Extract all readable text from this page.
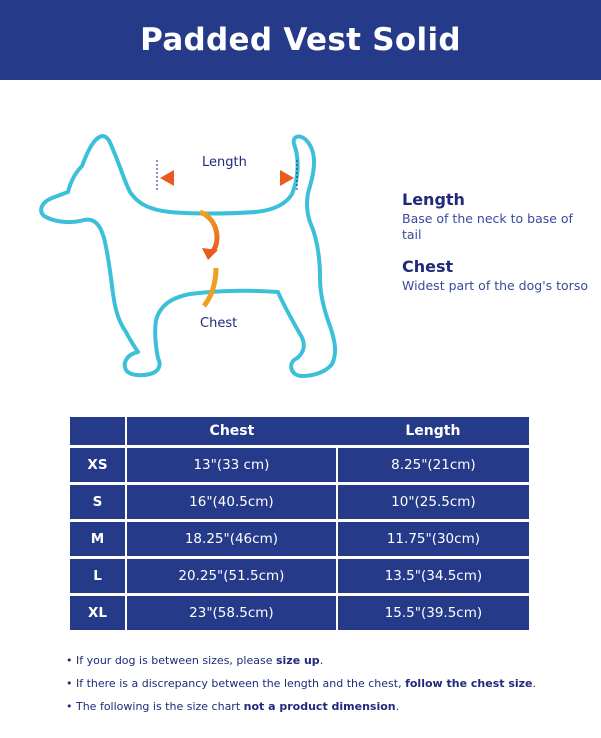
Padded Vest Solid
Length
Chest

Length

Base of the neck to base of tail

Chest

Widest part of the dog's torso

	Chest	Length
XS	13"(33 cm)	8.25"(21cm)
S	16"(40.5cm)	10"(25.5cm)
M	18.25"(46cm)	11.75"(30cm)
L	20.25"(51.5cm)	13.5"(34.5cm)
XL	23"(58.5cm)	15.5"(39.5cm)

• If your dog is between sizes, please size up.

• If there is a discrepancy between the length and the chest, follow the chest size.

• The following is the size chart not a product dimension.
